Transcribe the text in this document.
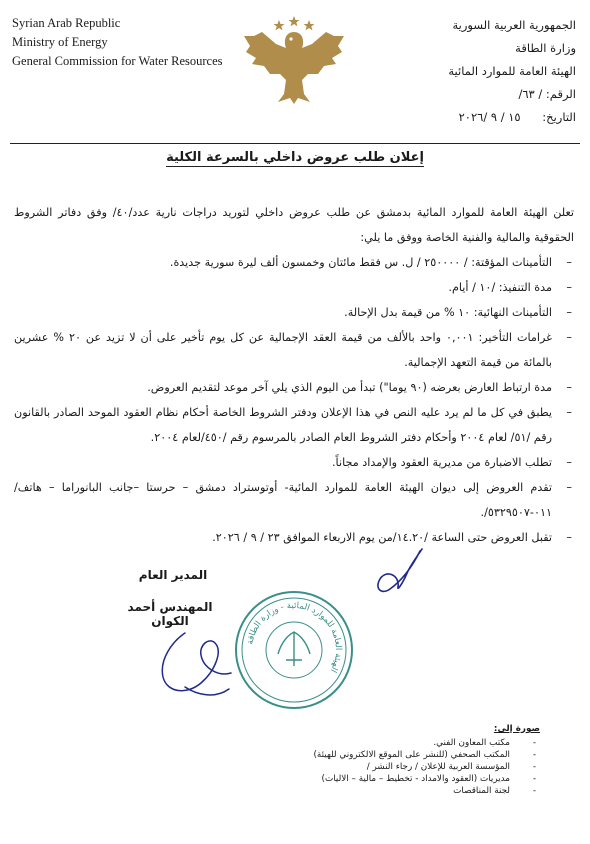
Syrian Arab Republic
Ministry of Energy
General Commission for Water Resources
الجمهورية العربية السورية
وزارة الطاقة
الهيئة العامة للموارد المائية
الرقم: / ٦٣/
التاريخ: ١٥ / ٩ /٢٠٢٦
إعلان طلب عروض داخلي بالسرعة الكلية

تعلن الهيئة العامة للموارد المائية بدمشق عن طلب عروض داخلي لتوريد دراجات نارية عدد/٤٠/ وفق دفاتر الشروط الحقوقية والمالية والفنية الخاصة ووفق ما يلي:

– التأمينات المؤقتة: / ٢٥٠٠٠٠ / ل. س فقط مائتان وخمسون ألف ليرة سورية جديدة.
– مدة التنفيذ: /١٠ / أيام.
– التأمينات النهائية: ١٠ % من قيمة بدل الإحالة.
– غرامات التأخير: ٠,٠٠١ واحد بالألف من قيمة العقد الإجمالية عن كل يوم تأخير على أن لا تزيد عن ٢٠ % عشرين بالمائة من قيمة التعهد الإجمالية.
– مدة ارتباط العارض بعرضه (٩٠ يوما") تبدأ من اليوم الذي يلي آخر موعد لتقديم العروض.
– يطبق في كل ما لم يرد عليه النص في هذا الإعلان ودفتر الشروط الخاصة أحكام نظام العقود الموحد الصادر بالقانون رقم /٥١/ لعام ٢٠٠٤ وأحكام دفتر الشروط العام الصادر بالمرسوم رقم /٤٥٠/لعام ٢٠٠٤.
– تطلب الاضبارة من مديرية العقود والإمداد مجاناً.
– تقدم العروض إلى ديوان الهيئة العامة للموارد المائية- أوتوستراد دمشق – حرستا –جانب البانوراما – هاتف/٠١١-٥٣٢٩٥٠٧/.
– تقبل العروض حتى الساعة /١٤.٢٠/من يوم الاربعاء الموافق ٢٣ / ٩ / ٢٠٢٦.
المدير العام
المهندس أحمد الكوان
الهيئة العامة للموارد المائية - وزارة الطاقة
صورة إلى:
- مكتب المعاون الفني.
- المكتب الصحفي (للنشر على الموقع الالكتروني للهيئة)
- المؤسسة العربية للإعلان / رجاء النشر /
- مديريات (العقود والامداد - تخطيط – مالية – الاليات)
- لجنة المناقصات
